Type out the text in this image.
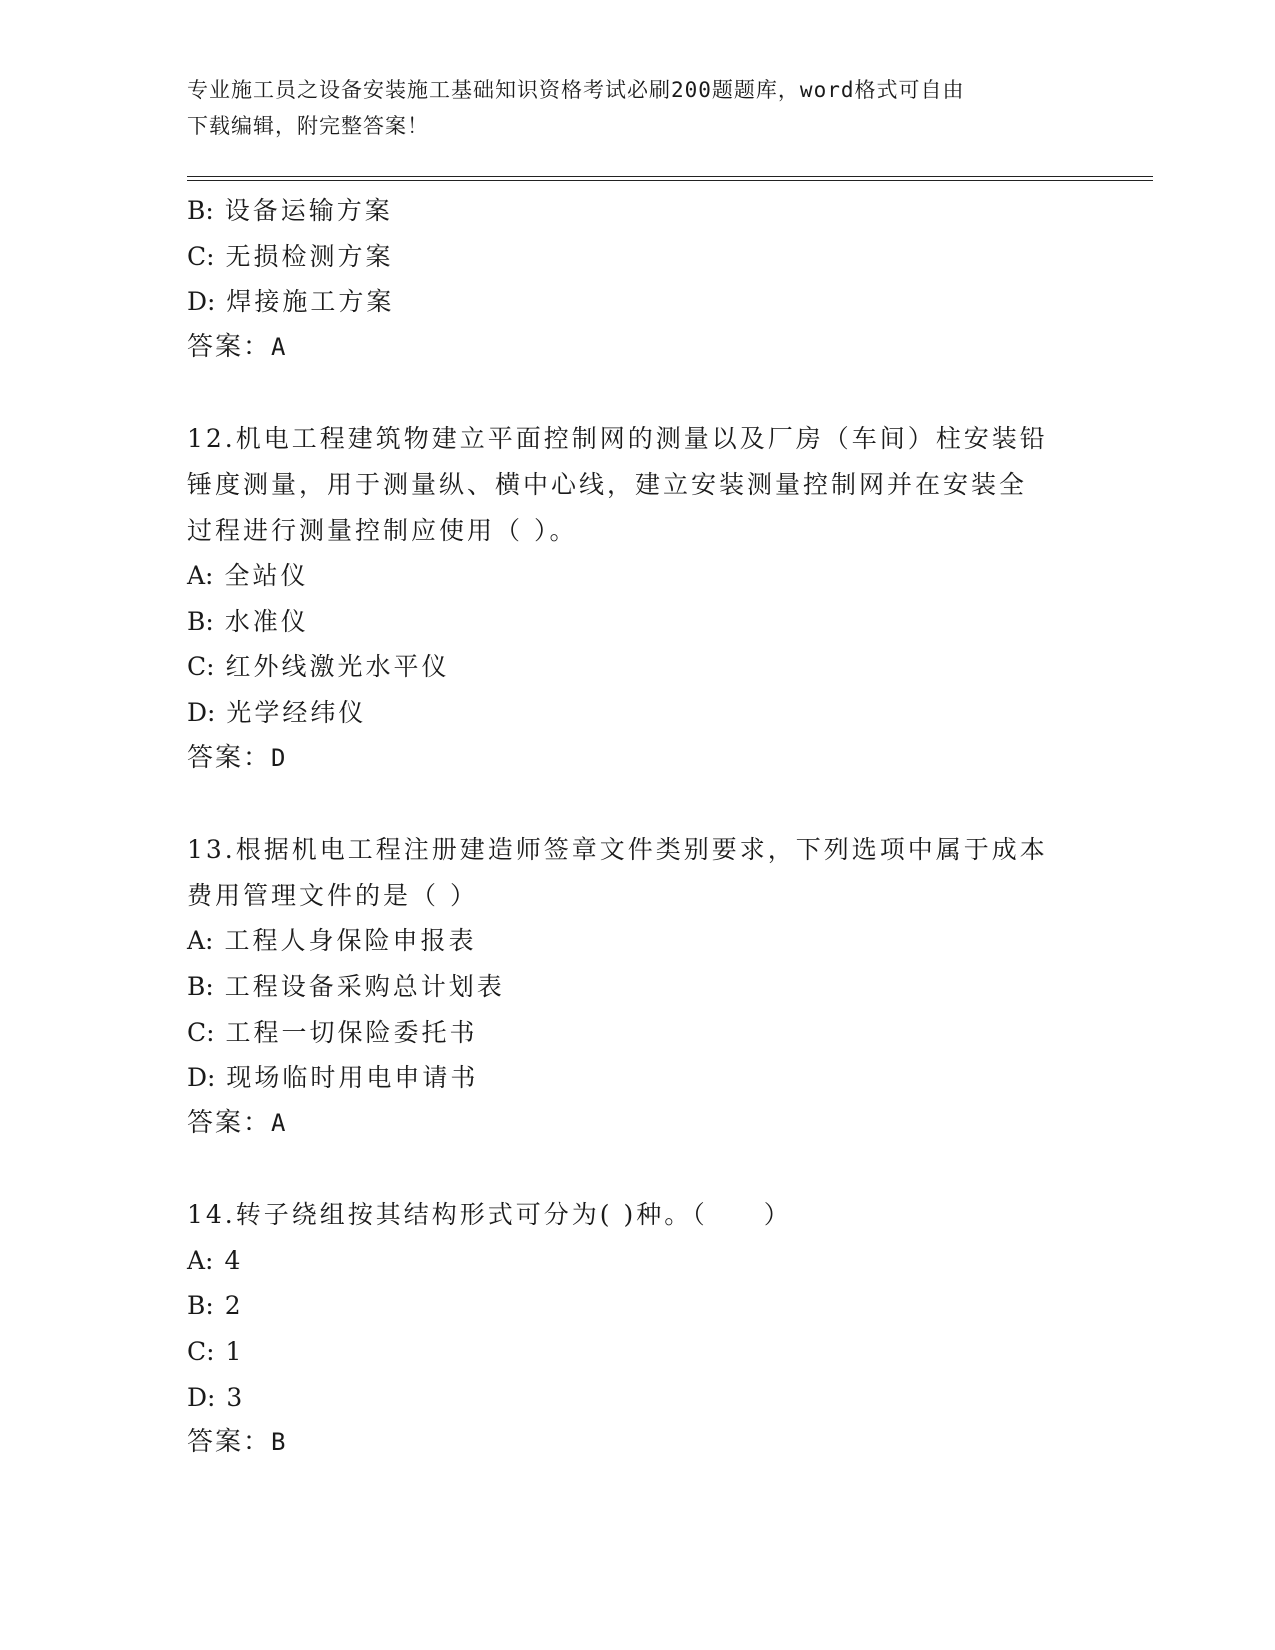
专业施工员之设备安装施工基础知识资格考试必刷200题题库，word格式可自由
下载编辑，附完整答案！
B: 设备运输方案
C: 无损检测方案
D: 焊接施工方案
答案：A
12.机电工程建筑物建立平面控制网的测量以及厂房（车间）柱安装铅
锤度测量，用于测量纵、横中心线，建立安装测量控制网并在安装全
过程进行测量控制应使用（ ）。
A: 全站仪
B: 水准仪
C: 红外线激光水平仪
D: 光学经纬仪
答案：D
13.根据机电工程注册建造师签章文件类别要求，下列选项中属于成本
费用管理文件的是（ ）
A: 工程人身保险申报表
B: 工程设备采购总计划表
C: 工程一切保险委托书
D: 现场临时用电申请书
答案：A
14.转子绕组按其结构形式可分为( )种。（　　）
A: 4
B: 2
C: 1
D: 3
答案：B
